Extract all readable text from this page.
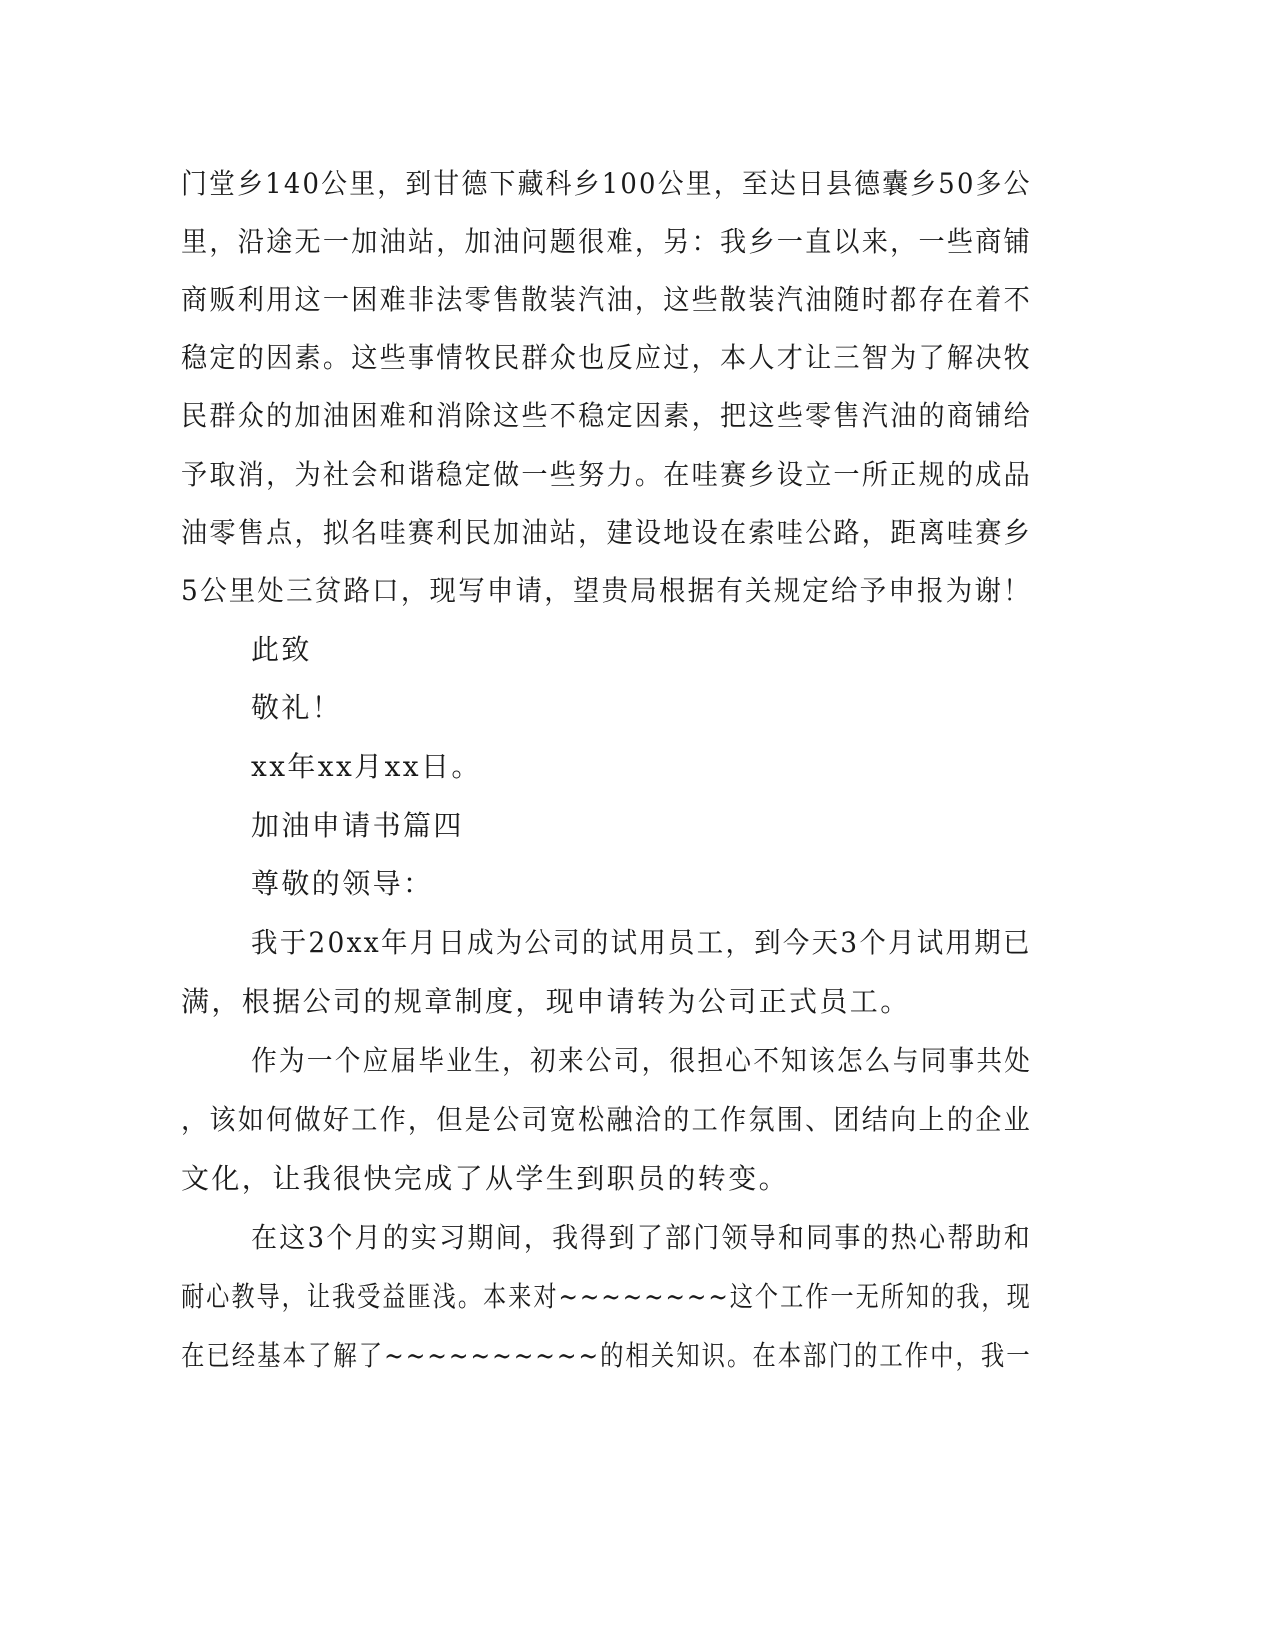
门堂乡140公里，到甘德下藏科乡100公里，至达日县德囊乡50多公
里，沿途无一加油站，加油问题很难，另：我乡一直以来，一些商铺
商贩利用这一困难非法零售散装汽油，这些散装汽油随时都存在着不
稳定的因素。这些事情牧民群众也反应过，本人才让三智为了解决牧
民群众的加油困难和消除这些不稳定因素，把这些零售汽油的商铺给
予取消，为社会和谐稳定做一些努力。在哇赛乡设立一所正规的成品
油零售点，拟名哇赛利民加油站，建设地设在索哇公路，距离哇赛乡
5公里处三贫路口，现写申请，望贵局根据有关规定给予申报为谢！
此致
敬礼！
xx年xx月xx日。
加油申请书篇四
尊敬的领导：
我于20xx年月日成为公司的试用员工，到今天3个月试用期已
满，根据公司的规章制度，现申请转为公司正式员工。
作为一个应届毕业生，初来公司，很担心不知该怎么与同事共处
，该如何做好工作，但是公司宽松融洽的工作氛围、团结向上的企业
文化，让我很快完成了从学生到职员的转变。
在这3个月的实习期间，我得到了部门领导和同事的热心帮助和
耐心教导，让我受益匪浅。本来对~~~~~~~~这个工作一无所知的我，现
在已经基本了解了~~~~~~~~~~的相关知识。在本部门的工作中，我一
